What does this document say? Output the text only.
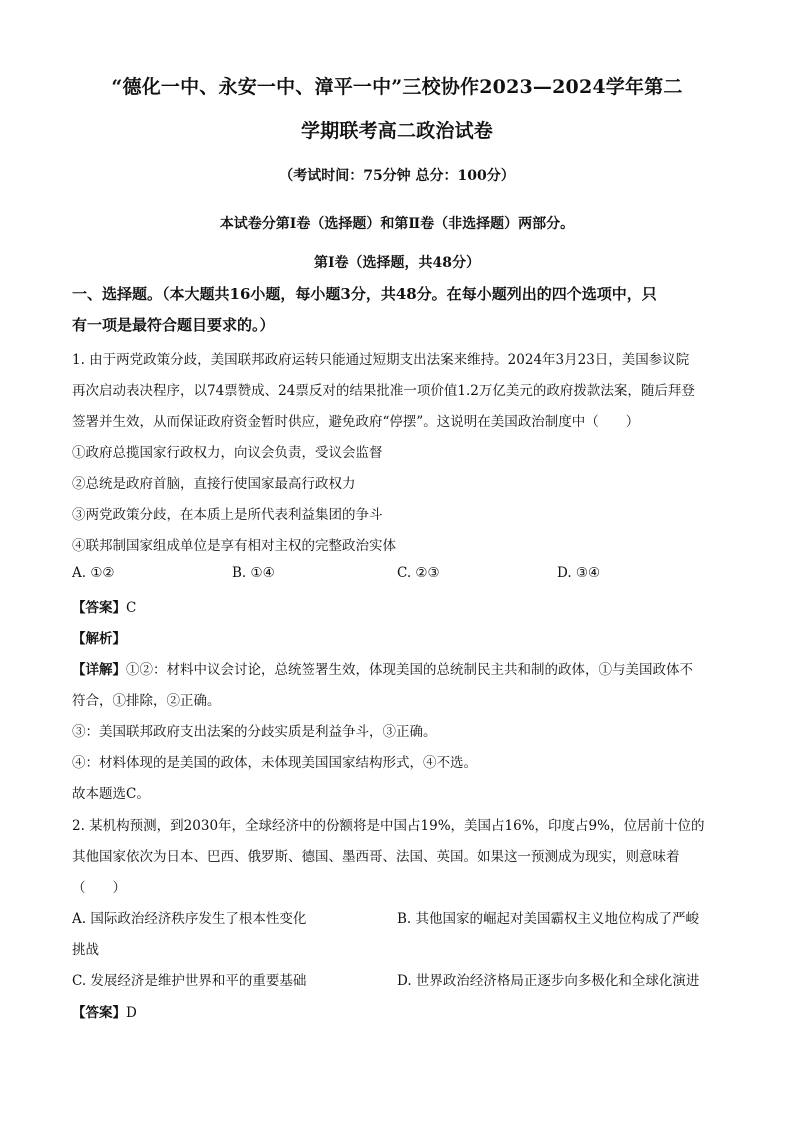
“德化一中、永安一中、漳平一中”三校协作2023—2024学年第二
学期联考高二政治试卷
（考试时间：75分钟 总分：100分）
本试卷分第Ⅰ卷（选择题）和第Ⅱ卷（非选择题）两部分。
第Ⅰ卷（选择题，共48分）
一、选择题。（本大题共16小题，每小题3分，共48分。在每小题列出的四个选项中，只
有一项是最符合题目要求的。）
1. 由于两党政策分歧，美国联邦政府运转只能通过短期支出法案来维持。2024年3月23日，美国参议院
再次启动表决程序，以74票赞成、24票反对的结果批准一项价值1.2万亿美元的政府拨款法案，随后拜登
签署并生效，从而保证政府资金暂时供应，避免政府“停摆”。这说明在美国政治制度中（　　）
①政府总揽国家行政权力，向议会负责，受议会监督
②总统是政府首脑，直接行使国家最高行政权力
③两党政策分歧，在本质上是所代表利益集团的争斗
④联邦制国家组成单位是享有相对主权的完整政治实体
A. ①②	B. ①④	C. ②③	D. ③④
【答案】C
【解析】
【详解】①②：材料中议会讨论，总统签署生效，体现美国的总统制民主共和制的政体，①与美国政体不
符合，①排除，②正确。
③：美国联邦政府支出法案的分歧实质是利益争斗，③正确。
④：材料体现的是美国的政体，未体现美国国家结构形式，④不选。
故本题选C。
2. 某机构预测，到2030年，全球经济中的份额将是中国占19%，美国占16%，印度占9%，位居前十位的
其他国家依次为日本、巴西、俄罗斯、德国、墨西哥、法国、英国。如果这一预测成为现实，则意味着
（　　）
A. 国际政治经济秩序发生了根本性变化	B. 其他国家的崛起对美国霸权主义地位构成了严峻
挑战
C. 发展经济是维护世界和平的重要基础	D. 世界政治经济格局正逐步向多极化和全球化演进
【答案】D
